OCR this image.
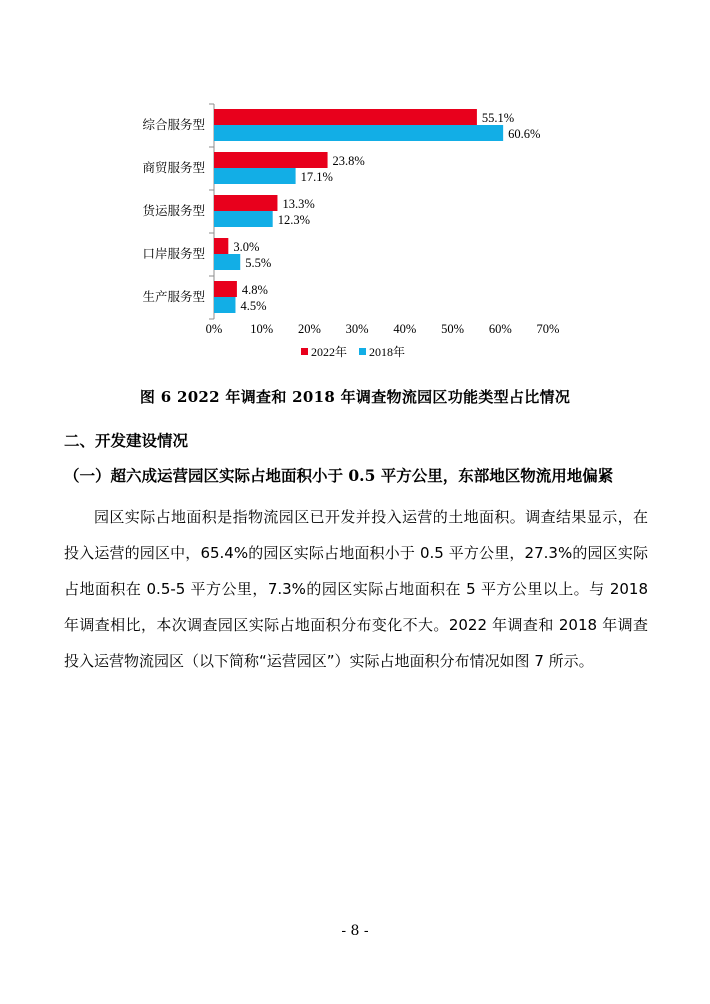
综合服务型	55.1%
60.6%
商贸服务型	23.8%
17.1%
货运服务型	13.3%
12.3%
口岸服务型 3.0%
5.5%
生产服务型	4.8%
4.5%
0% 10% 20% 30% 40% 50% 60% 70%
2022年 2018年
图 6 2022 年调查和 2018 年调查物流园区功能类型占比情况
二、开发建设情况
（一）超六成运营园区实际占地面积小于 0.5 平方公里，东部地区物流用地偏紧

园区实际占地面积是指物流园区已开发并投入运营的土地面积。调查结果显示，在投入运营的园区中，65.4%的园区实际占地面积小于 0.5 平方公里，27.3%的园区实际占地面积在 0.5-5 平方公里，7.3%的园区实际占地面积在 5 平方公里以上。与 2018 年调查相比，本次调查园区实际占地面积分布变化不大。2022 年调查和 2018 年调查投入运营物流园区（以下简称“运营园区”）实际占地面积分布情况如图 7 所示。

- 8 -
